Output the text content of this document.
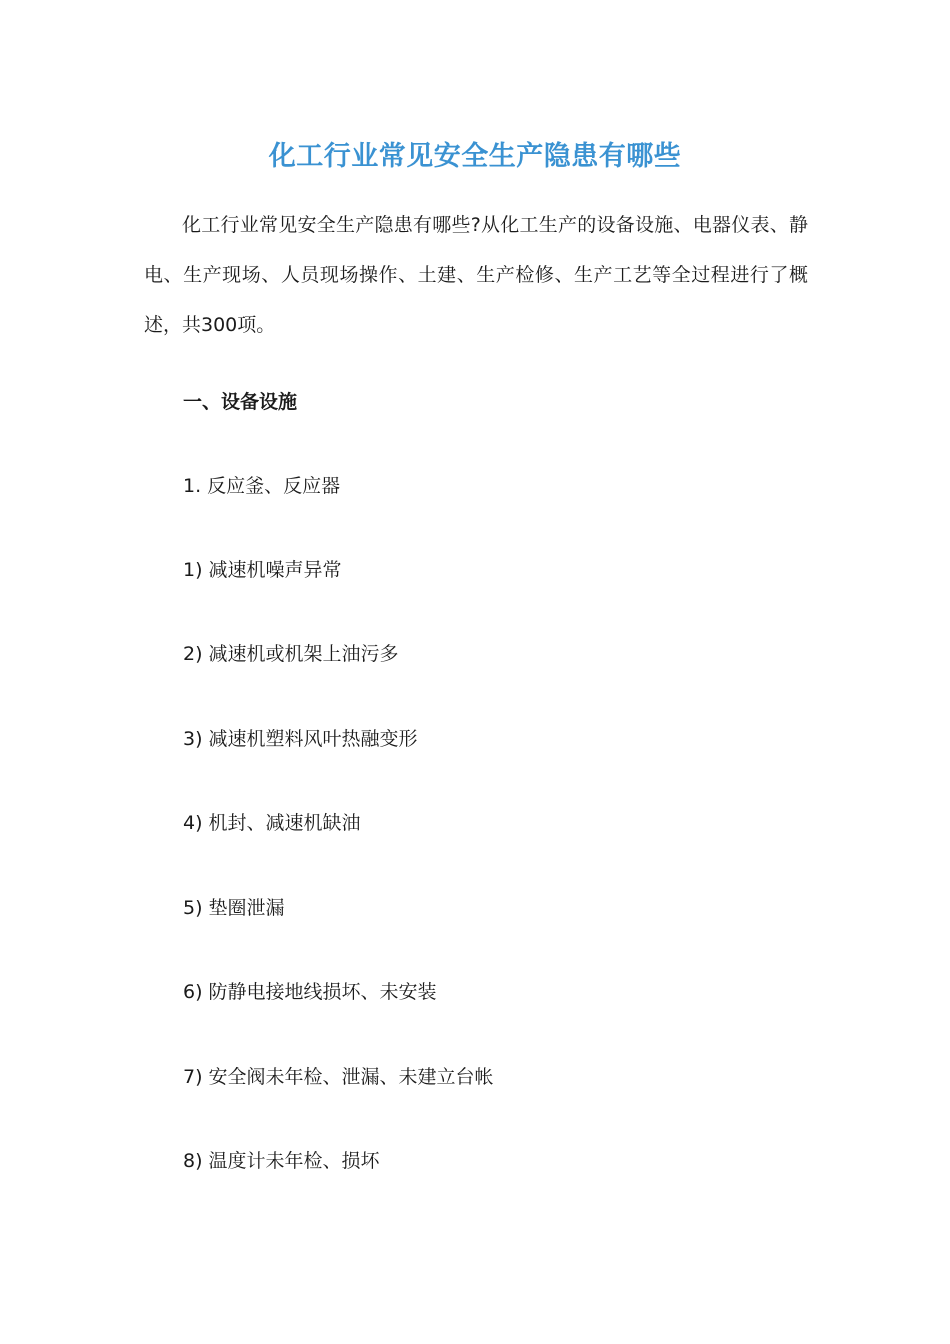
化工行业常见安全生产隐患有哪些

化工行业常见安全生产隐患有哪些?从化工生产的设备设施、电器仪表、静电、生产现场、人员现场操作、土建、生产检修、生产工艺等全过程进行了概述，共300项。

一、设备设施

1. 反应釜、反应器

1) 减速机噪声异常

2) 减速机或机架上油污多

3) 减速机塑料风叶热融变形

4) 机封、减速机缺油

5) 垫圈泄漏

6) 防静电接地线损坏、未安装

7) 安全阀未年检、泄漏、未建立台帐

8) 温度计未年检、损坏
